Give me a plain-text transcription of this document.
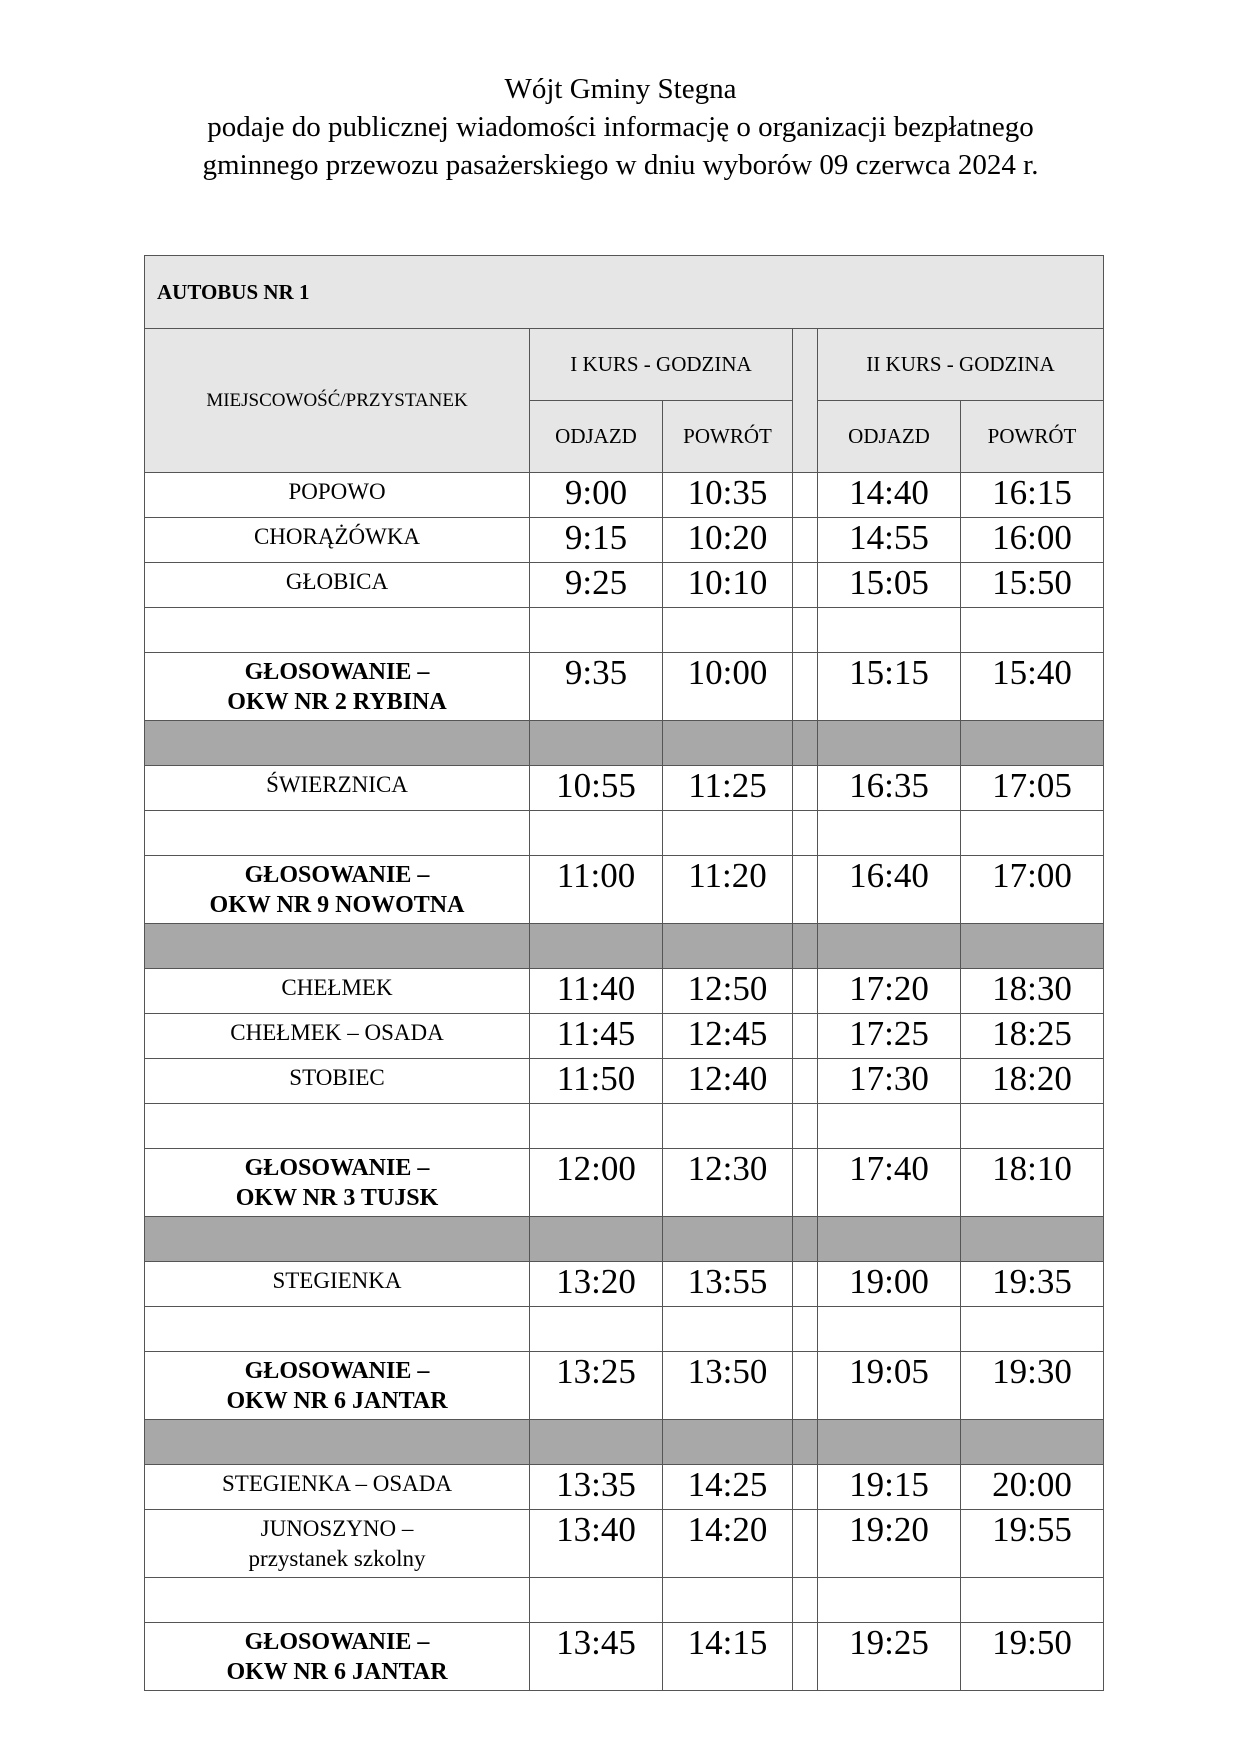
Wójt Gminy Stegna
podaje do publicznej wiadomości informację o organizacji bezpłatnego
gminnego przewozu pasażerskiego w dniu wyborów 09 czerwca 2024 r.
AUTOBUS NR 1					
MIEJSCOWOŚĆ/PRZYSTANEK	I KURS - GODZINA			II KURS - GODZINA	
	ODJAZD	POWRÓT		ODJAZD	POWRÓT

POPOWO	9:00	10:35		14:40	16:15

CHORĄŻÓWKA	9:15	10:20		14:55	16:00

GŁOBICA	9:25	10:10		15:05	15:50

GŁOSOWANIE –
OKW NR 2 RYBINA	9:35	10:00		15:15	15:40

ŚWIERZNICA	10:55	11:25		16:35	17:05

GŁOSOWANIE –
OKW NR 9 NOWOTNA	11:00	11:20		16:40	17:00

CHEŁMEK	11:40	12:50		17:20	18:30

CHEŁMEK – OSADA	11:45	12:45		17:25	18:25

STOBIEC	11:50	12:40		17:30	18:20

GŁOSOWANIE –
OKW NR 3 TUJSK	12:00	12:30		17:40	18:10

STEGIENKA	13:20	13:55		19:00	19:35

GŁOSOWANIE –
OKW NR 6 JANTAR	13:25	13:50		19:05	19:30

STEGIENKA – OSADA	13:35	14:25		19:15	20:00

JUNOSZYNO –
przystanek szkolny	13:40	14:20		19:20	19:55

GŁOSOWANIE –
OKW NR 6 JANTAR	13:45	14:15		19:25	19:50
